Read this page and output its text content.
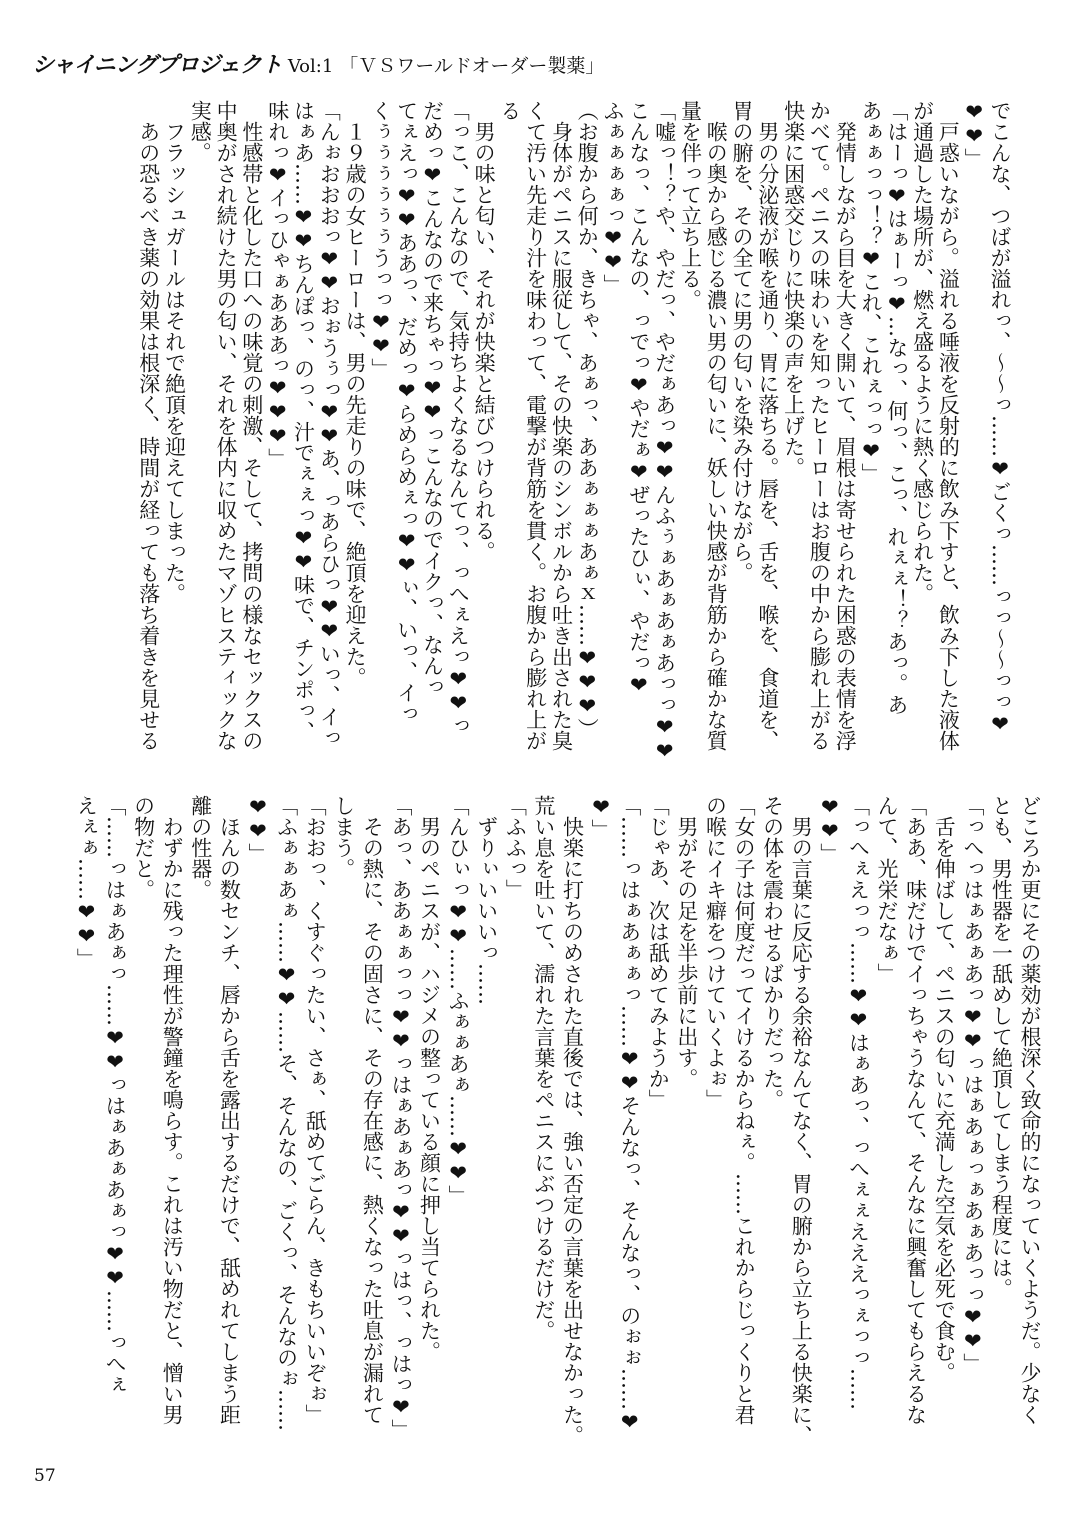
シャイニングプロジェクト Vol:1 「ＶＳワールドオーダー製薬」
でこんな、つばが溢れっ、～～っ……❤ごくっ……っっ～～っっ❤
❤❤」
　戸惑いながら。溢れる唾液を反射的に飲み下すと、飲み下した液体
が通過した場所が、燃え盛るように熱く感じられた。
「はーっ❤はぁーっ❤…なっ、何っ、こっ、れぇぇ！？あっ。あ
あぁぁっっ！？❤これ、これぇっっ❤」
　発情しながら目を大きく開いて、眉根は寄せられた困惑の表情を浮
かべて。ペニスの味わいを知ったヒーローはお腹の中から膨れ上がる
快楽に困惑交じりに快楽の声を上げた。
　男の分泌液が喉を通り、胃に落ちる。唇を、舌を、喉を、食道を、
胃の腑を、その全てに男の匂いを染み付けながら。
　喉の奥から感じる濃い男の匂いに、妖しい快感が背筋から確かな質
量を伴って立ち上る。
「嘘っ！？や、やだっ、やだぁあっ❤❤んふぅぁあぁあぁあっっ❤❤
こんなっ、こんなの、っでっ❤やだぁ❤ぜったひぃ、やだっ❤
ふぁぁぁぁっ❤❤」
（お腹から何か、きちゃ、あぁっ、ああぁぁぁあぁｘ……❤❤❤）
　身体がペニスに服従して、その快楽のシンボルから吐き出された臭
くて汚い先走り汁を味わって、電撃が背筋を貫く。お腹から膨れ上が
る
　男の味と匂い、それが快楽と結びつけられる。
「っこ、こんなので、気持ちよくなるなんてっ、っへぇえっ❤❤っ
だめっ❤こんなので来ちゃっ❤❤っこんなのでイクっ、なんっ
てぇえっ❤❤ああっ、だめっ❤らめらめぇっ❤❤ぃ、いっ、イっ
くぅぅぅぅぅぅうっっ❤❤」
　１９歳の女ヒーローは、男の先走りの味で、絶頂を迎えた。
「んぉおおおっ❤❤おぉうぅっ❤❤あ、っあらひっ❤❤いっ、イっ
はぁあ……❤❤ちんぽっ、のっ、汁でぇぇっ❤❤味で、チンポっ、
味れっ❤イっひゃぁあああっ❤❤❤」
　性感帯と化した口への味覚の刺激、そして、拷問の様なセックスの
中奥がされ続けた男の匂い、それを体内に収めたマゾヒスティックな
実感。
　フラッシュガールはそれで絶頂を迎えてしまった。
　あの恐るべき薬の効果は根深く、時間が経っても落ち着きを見せる
どころか更にその薬効が根深く致命的になっていくようだ。少なく
とも、男性器を一舐めして絶頂してしまう程度には。
「っへっはぁあぁあっ❤❤っはぁあぁっぁあぁあっっ❤❤」
　舌を伸ばして、ペニスの匂いに充満した空気を必死で食む。
「ああ、味だけでイっちゃうなんて、そんなに興奮してもらえるな
んて、光栄だなぁ」
「っへぇえっっ……❤❤はぁあっ、っへぇぇえええっぇっっ……
❤❤」
　男の言葉に反応する余裕なんてなく、胃の腑から立ち上る快楽に、
その体を震わせるばかりだった。
「女の子は何度だってイけるからねぇ。……これからじっくりと君
の喉にイキ癖をつけていくよぉ」
　男がその足を半歩前に出す。
「じゃあ、次は舐めてみようか」
「……っはぁあぁぁっ……❤❤そんなっ、そんなっ、のぉぉ……❤
❤」
　快楽に打ちのめされた直後では、強い否定の言葉を出せなかった。
荒い息を吐いて、濡れた言葉をペニスにぶつけるだけだ。
「ふふっ」
　ずりぃいいいっ……
「んひぃっ❤❤……ふぁぁあぁ……❤❤」
　男のペニスが、ハジメの整っている顔に押し当てられた。
「あっ、ああぁぁっっ❤❤っはぁあぁあっ❤❤っはっ、っはっ❤」
　その熱に、その固さに、その存在感に、熱くなった吐息が漏れて
しまう。
「おおっ、くすぐったい、さぁ、舐めてごらん、きもちいいぞぉ」
「ふぁぁあぁ……❤❤……そ、そんなの、ごくっ、そんなのぉ……
❤❤」
　ほんの数センチ、唇から舌を露出するだけで、舐めれてしまう距
離の性器。
　わずかに残った理性が警鐘を鳴らす。これは汚い物だと、憎い男
の物だと。
「……っはぁあぁっ……❤❤っはぁあぁあぁっ❤❤……っへぇ
えぇぁ……❤❤」
57
